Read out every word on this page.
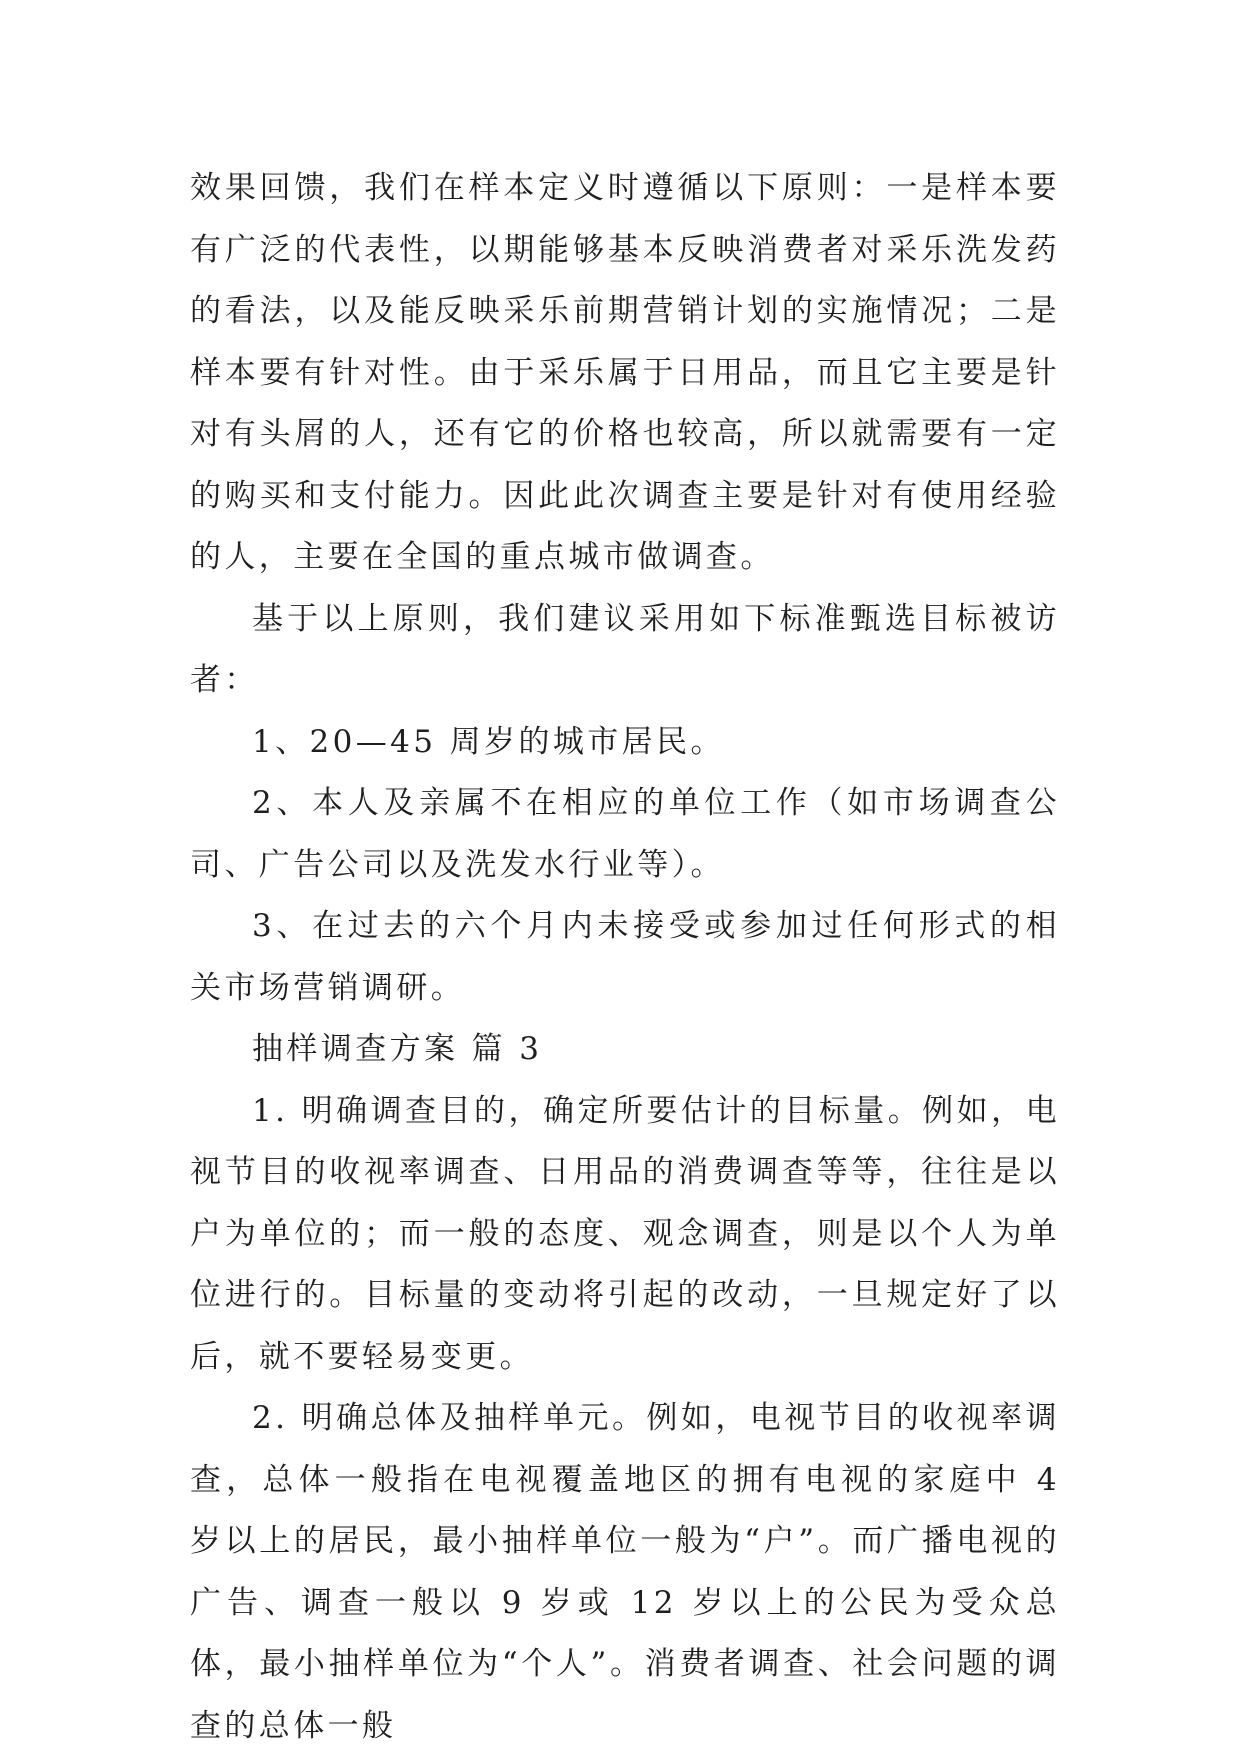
效果回馈，我们在样本定义时遵循以下原则：一是样本要有广泛的代表性，以期能够基本反映消费者对采乐洗发药的看法，以及能反映采乐前期营销计划的实施情况；二是样本要有针对性。由于采乐属于日用品，而且它主要是针对有头屑的人，还有它的价格也较高，所以就需要有一定的购买和支付能力。因此此次调查主要是针对有使用经验的人，主要在全国的重点城市做调查。

基于以上原则，我们建议采用如下标准甄选目标被访者：

1、20—45 周岁的城市居民。

2、本人及亲属不在相应的单位工作（如市场调查公司、广告公司以及洗发水行业等）。

3、在过去的六个月内未接受或参加过任何形式的相关市场营销调研。

抽样调查方案 篇 3

1. 明确调查目的，确定所要估计的目标量。例如，电视节目的收视率调查、日用品的消费调查等等，往往是以户为单位的；而一般的态度、观念调查，则是以个人为单位进行的。目标量的变动将引起的改动，一旦规定好了以后，就不要轻易变更。

2. 明确总体及抽样单元。例如，电视节目的收视率调查，总体一般指在电视覆盖地区的拥有电视的家庭中 4 岁以上的居民，最小抽样单位一般为“户”。而广播电视的广告、调查一般以 9 岁或 12 岁以上的公民为受众总体，最小抽样单位为“个人”。消费者调查、社会问题的调查的总体一般
